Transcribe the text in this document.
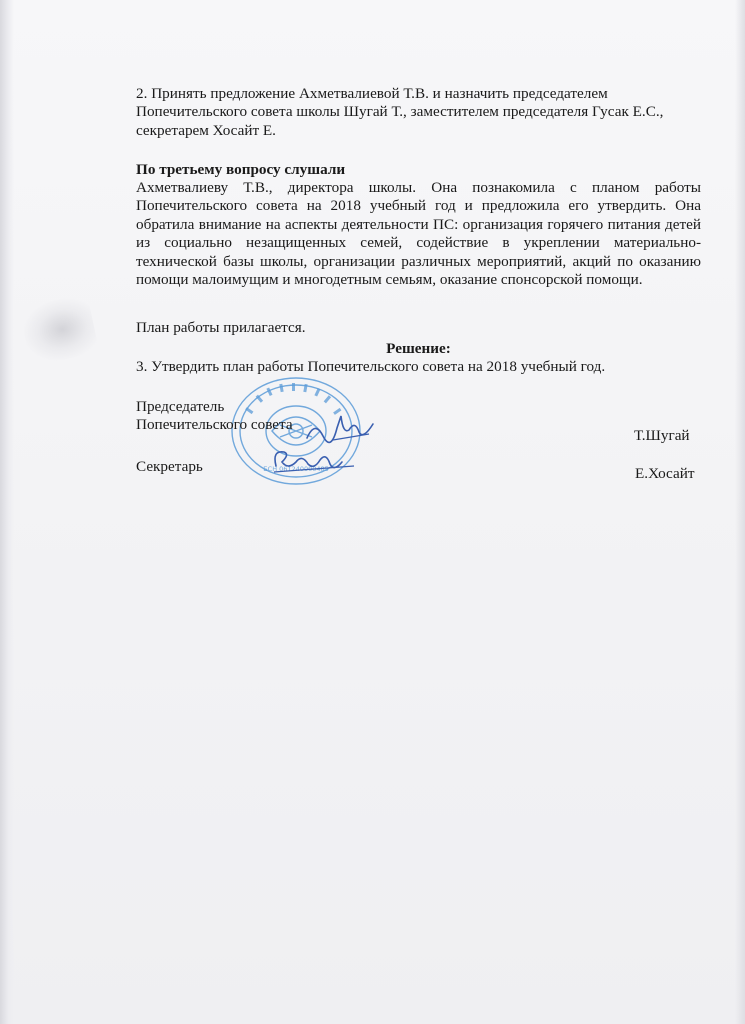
2. Принять предложение Ахметвалиевой Т.В. и назначить председателем Попечительского совета школы Шугай Т., заместителем председателя Гусак Е.С., секретарем Хосайт Е.
По третьему вопросу слушали
Ахметвалиеву Т.В., директора школы. Она познакомила с планом работы Попечительского совета на 2018 учебный год и предложила его утвердить. Она обратила внимание на аспекты деятельности ПС: организация горячего питания детей из социально незащищенных семей, содействие в укреплении материально-технической базы школы, организации различных мероприятий, акций по оказанию помощи малоимущим и многодетным семьям, оказание спонсорской помощи.
План работы прилагается.
Решение:
3. Утвердить план работы Попечительского совета на 2018 учебный год.
БСН 061240000485
Председатель
Попечительского совета
Т.Шугай
Секретарь	Е.Хосайт
